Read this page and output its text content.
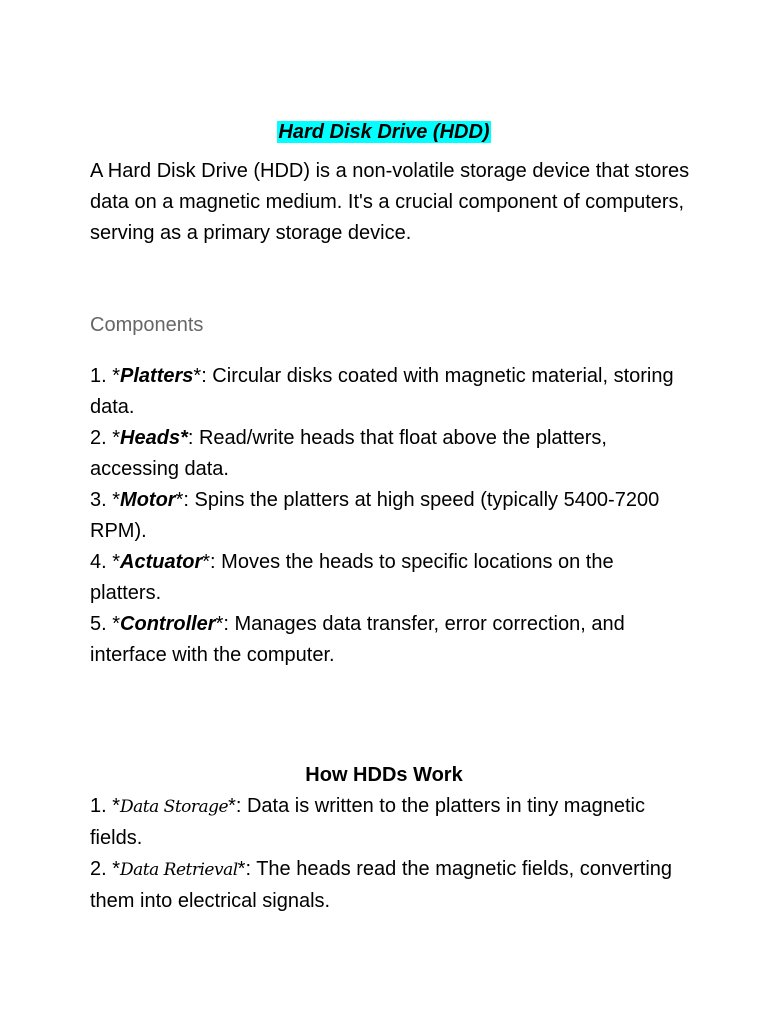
Hard Disk Drive (HDD)

A Hard Disk Drive (HDD) is a non-volatile storage device that stores data on a magnetic medium. It's a crucial component of computers, serving as a primary storage device.

Components

1. *Platters*: Circular disks coated with magnetic material, storing data.
2. *Heads*: Read/write heads that float above the platters, accessing data.
3. *Motor*: Spins the platters at high speed (typically 5400-7200 RPM).
4. *Actuator*: Moves the heads to specific locations on the platters.
5. *Controller*: Manages data transfer, error correction, and interface with the computer.

How HDDs Work

1. *Data Storage*: Data is written to the platters in tiny magnetic fields.
2. *Data Retrieval*: The heads read the magnetic fields, converting them into electrical signals.
